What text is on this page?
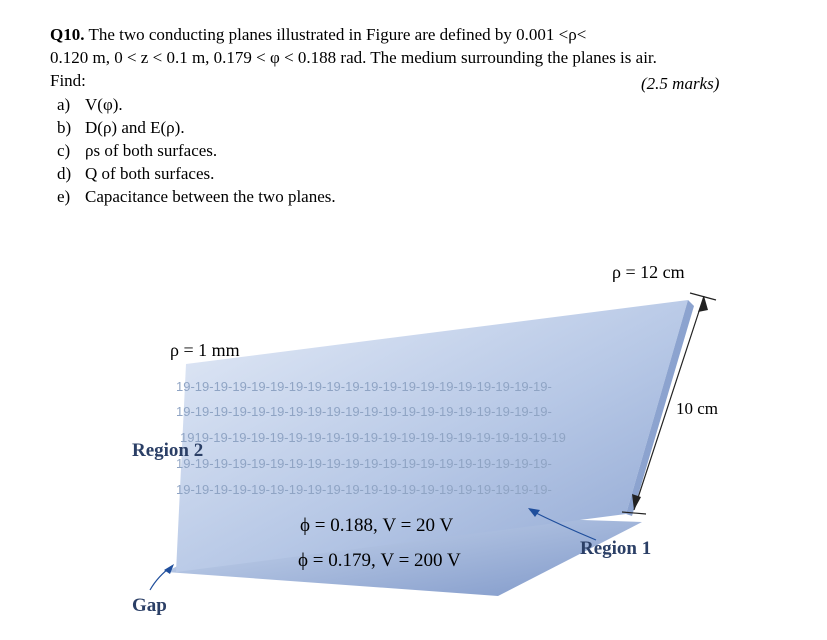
Q10. The two conducting planes illustrated in Figure are defined by 0.001 <ρ<
0.120 m, 0 < z < 0.1 m, 0.179 < φ < 0.188 rad. The medium surrounding the planes is air.
Find:	(2.5 marks)
a) V(φ).
b) D(ρ) and E(ρ).
c) ρs of both surfaces.
d) Q of both surfaces.
e) Capacitance between the two planes.
19-19-19-19-19-19-19-19-19-19-19-19-19-19-19-19-19-19-19-19-
19-19-19-19-19-19-19-19-19-19-19-19-19-19-19-19-19-19-19-19-
1919-19-19-19-19-19-19-19-19-19-19-19-19-19-19-19-19-19-19-19
19-19-19-19-19-19-19-19-19-19-19-19-19-19-19-19-19-19-19-19-
19-19-19-19-19-19-19-19-19-19-19-19-19-19-19-19-19-19-19-19-
ρ = 12 cm
ρ = 1 mm
10 cm
Region 2
ϕ = 0.188, V = 20 V
ϕ = 0.179, V = 200 V
Region 1
Gap
